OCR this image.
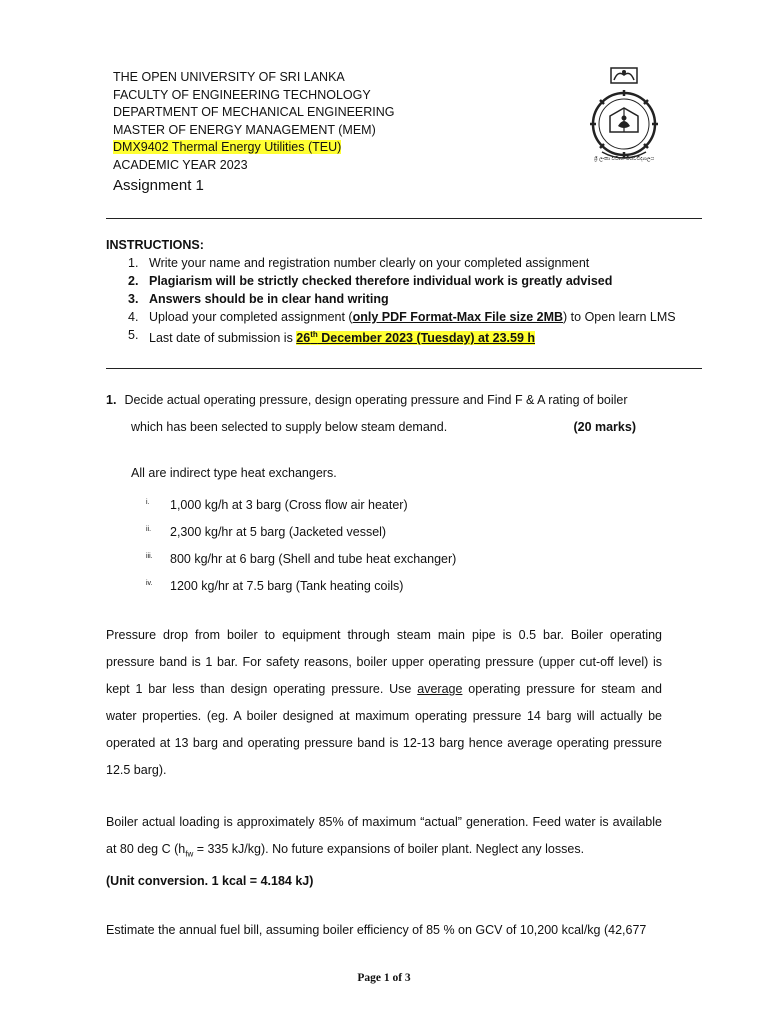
THE OPEN UNIVERSITY OF SRI LANKA
FACULTY OF ENGINEERING TECHNOLOGY
DEPARTMENT OF MECHANICAL ENGINEERING
MASTER OF ENERGY MANAGEMENT (MEM)
DMX9402 Thermal Energy Utilities (TEU)
ACADEMIC YEAR 2023
Assignment 1
ශ්‍රී ලංකා විවෘත විශ්වවිද්‍යාලය
INSTRUCTIONS:
1. Write your name and registration number clearly on your completed assignment
2. Plagiarism will be strictly checked therefore individual work is greatly advised
3. Answers should be in clear hand writing
4. Upload your completed assignment (only PDF Format-Max File size 2MB) to Open learn LMS
5. Last date of submission is 26th December 2023 (Tuesday) at 23.59 h
1. Decide actual operating pressure, design operating pressure and Find F & A rating of boiler
which has been selected to supply below steam demand.	(20 marks)
All are indirect type heat exchangers.
i. 1,000 kg/h at 3 barg (Cross flow air heater)
ii. 2,300 kg/hr at 5 barg (Jacketed vessel)
iii. 800 kg/hr at 6 barg (Shell and tube heat exchanger)
iv. 1200 kg/hr at 7.5 barg (Tank heating coils)
Pressure drop from boiler to equipment through steam main pipe is 0.5 bar. Boiler operating pressure band is 1 bar. For safety reasons, boiler upper operating pressure (upper cut-off level) is kept 1 bar less than design operating pressure. Use average operating pressure for steam and water properties. (eg. A boiler designed at maximum operating pressure 14 barg will actually be operated at 13 barg and operating pressure band is 12-13 barg hence average operating pressure 12.5 barg).
Boiler actual loading is approximately 85% of maximum “actual” generation. Feed water is available at 80 deg C ($h_{fw} = 335$ kJ/kg). No future expansions of boiler plant. Neglect any losses.
(Unit conversion. 1 kcal = 4.184 kJ)
Estimate the annual fuel bill, assuming boiler efficiency of 85 % on GCV of 10,200 kcal/kg (42,677
Page 1 of 3
